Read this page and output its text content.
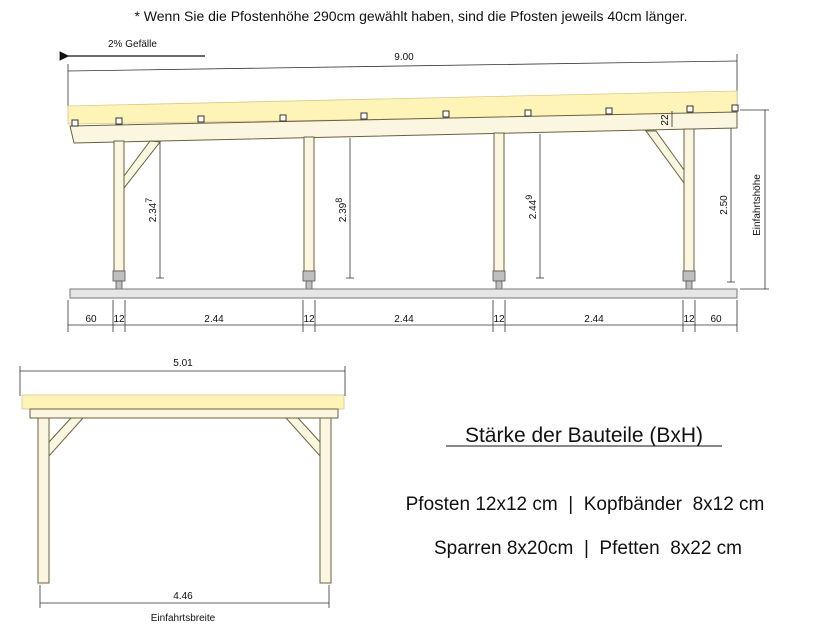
* Wenn Sie die Pfostenhöhe 290cm gewählt haben, sind die Pfosten jeweils 40cm länger.
2% Gefälle
9.00
2.347
2.398	2.449
22
2.50 Einfahrtshöhe
60 12	2.44	12	2.44	12	2.44	12 60
5.01
4.46
Einfahrtsbreite
Stärke der Bauteile (BxH)
Pfosten 12x12 cm  |  Kopfbänder  8x12 cm
Sparren 8x20cm  |  Pfetten  8x22 cm
